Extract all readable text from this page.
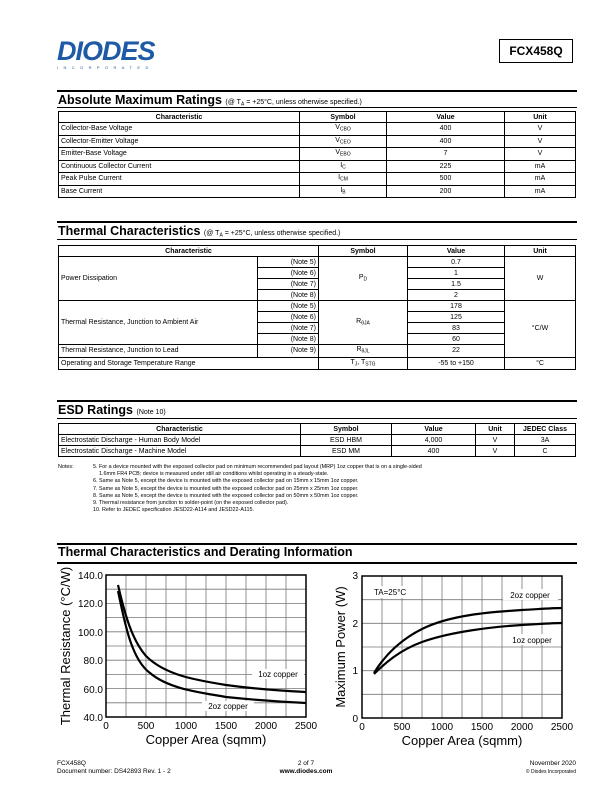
DIODES
INCORPORATED
FCX458Q
Absolute Maximum Ratings (@ $T_A = +25^\circ C$, unless otherwise specified.)
Characteristic	Symbol	Value	Unit
Collector-Base Voltage	$V_{CBO}$	400	V
Collector-Emitter Voltage	$V_{CEO}$	400	V
Emitter-Base Voltage	$V_{EBO}$	7	V
Continuous Collector Current	$I_C$	225	mA
Peak Pulse Current	$I_{CM}$	500	mA
Base Current	$I_B$	200	mA
Thermal Characteristics (@ $T_A = +25^\circ C$, unless otherwise specified.)
Characteristic		Symbol	Value	Unit
Power Dissipation	(Note 5)	$P_D$	0.7	W
	(Note 6)		1	
	(Note 7)		1.5	
	(Note 8)		2	
Thermal Resistance, Junction to Ambient Air	(Note 5)	$R_{\theta JA}$	178	°C/W
	(Note 6)		125	
	(Note 7)		83	
	(Note 8)		60	
Thermal Resistance, Junction to Lead	(Note 9)	$R_{\theta JL}$	22	
Operating and Storage Temperature Range		$T_J$, $T_{STG}$	-55 to +150	°C
ESD Ratings (Note 10)
Characteristic	Symbol	Value	Unit	JEDEC Class
Electrostatic Discharge - Human Body Model	ESD HBM	4,000	V	3A
Electrostatic Discharge - Machine Model	ESD MM	400	V	C
Notes:	5. For a device mounted with the exposed collector pad on minimum recommended pad layout (MRP) 1oz copper that is on a single-sided
1.6mm FR4 PCB; device is measured under still air conditions whilst operating in a steady-state.
6. Same as Note 5, except the device is mounted with the exposed collector pad on 15mm x 15mm 1oz copper.
7. Same as Note 5, except the device is mounted with the exposed collector pad on 25mm x 25mm 1oz copper.
8. Same as Note 5, except the device is mounted with the exposed collector pad on 50mm x 50mm 1oz copper.
9. Thermal resistance from junction to solder-point (on the exposed collector pad).
10. Refer to JEDEC specification JESD22-A114 and JESD22-A115.
Thermal Characteristics and Derating Information
140.0
120.0
100.0
80.0
60.0
40.0
0	500 1000 1500 2000 2500
Copper Area (sqmm)
Thermal Resistance (°C/W)	1oz copper
2oz copper
3
2
1
0
0	500 1000 1500 2000 2500
Copper Area (sqmm)
Maximum Power (W)	TA=25°C	2oz copper
1oz copper
FCX458Q
Document number: DS42893 Rev. 1 - 2
2 of 7
www.diodes.com
November 2020
© Diodes Incorporated
